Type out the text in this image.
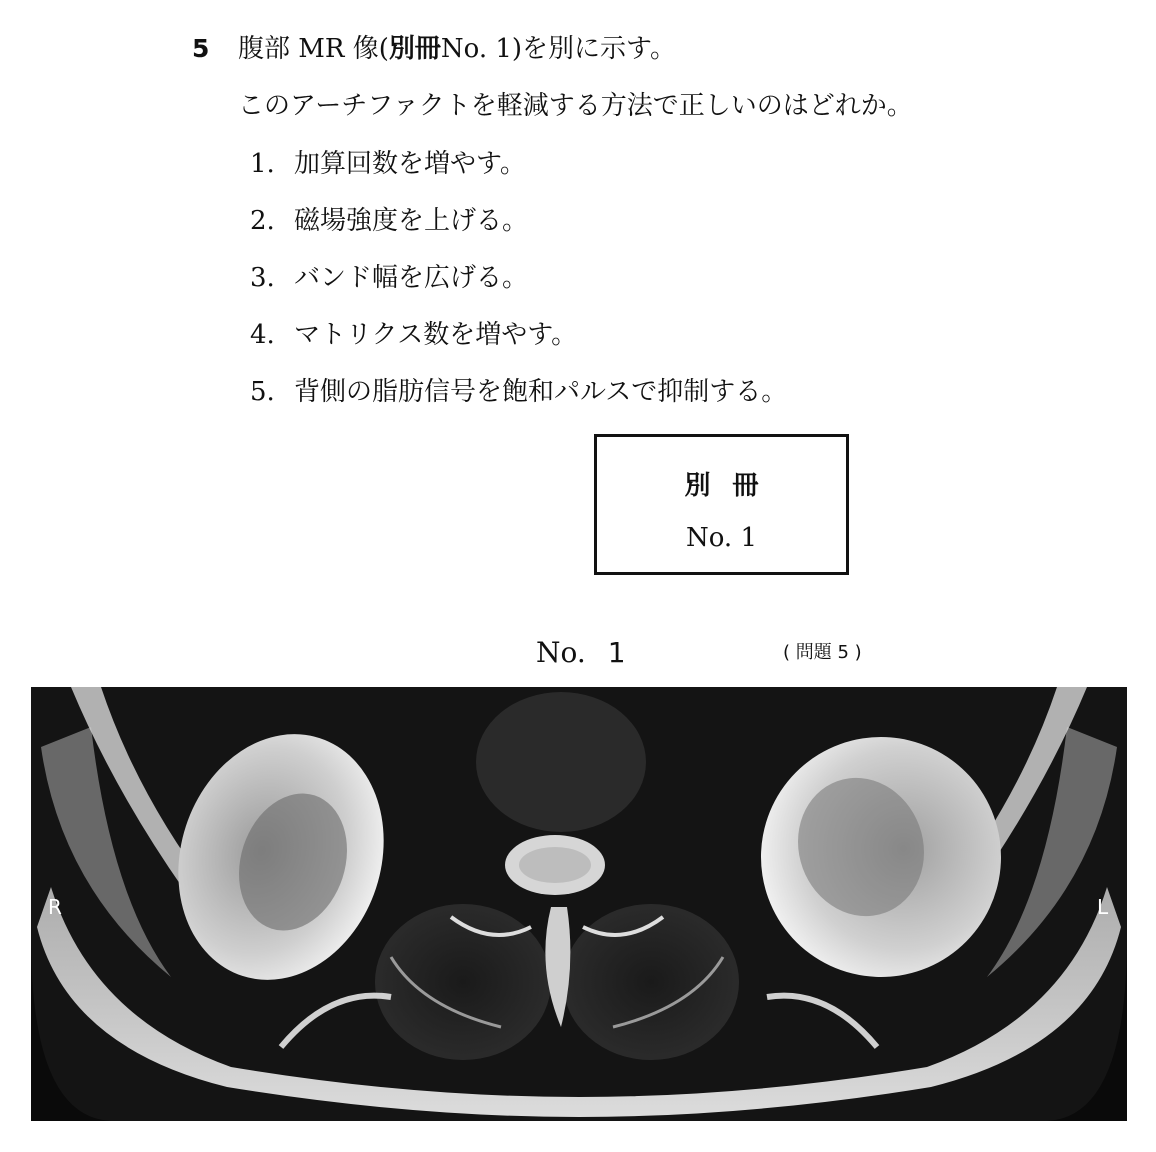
5 腹部 MR 像(別冊No. 1)を別に示す。
このアーチファクトを軽減する方法で正しいのはどれか。
1. 加算回数を増やす。
2. 磁場強度を上げる。
3. バンド幅を広げる。
4. マトリクス数を増やす。
5. 背側の脂肪信号を飽和パルスで抑制する。
別冊
No. 1
No. 1	( 問題 5 )
R	L
